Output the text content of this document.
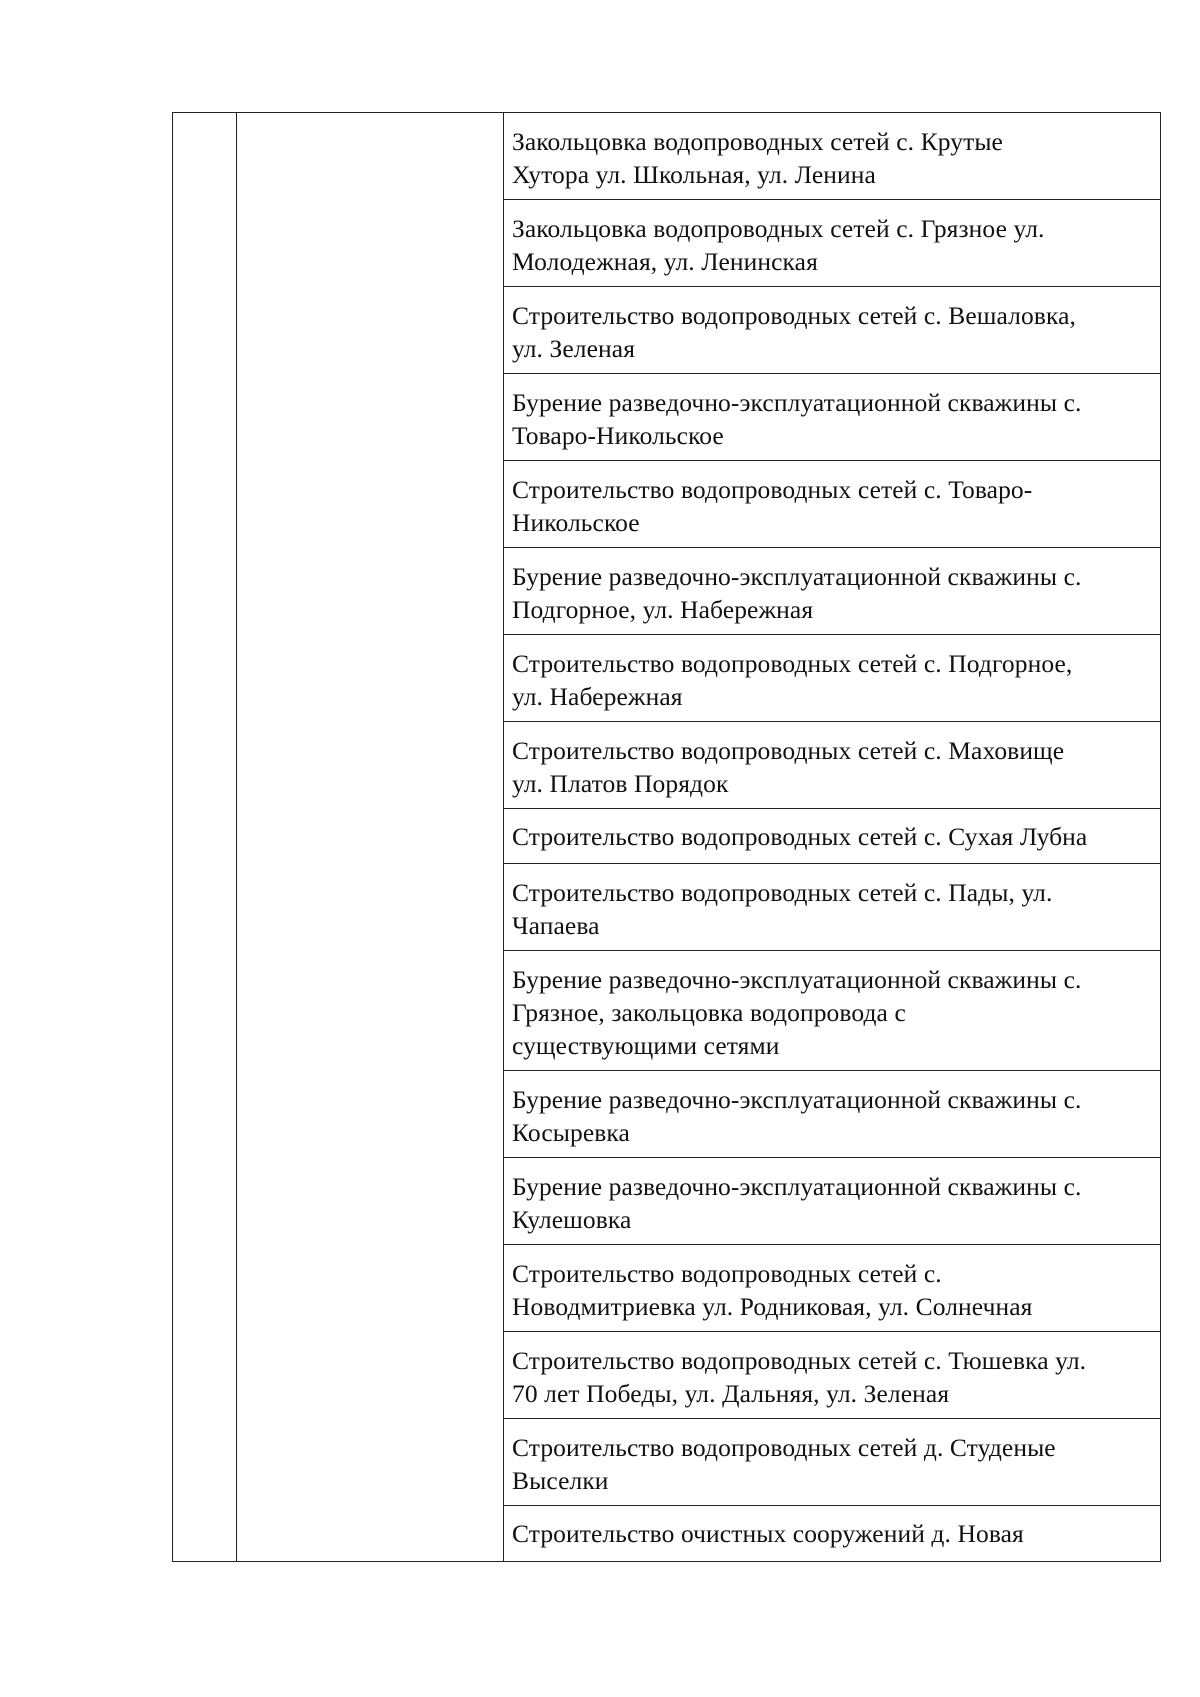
Закольцовка водопроводных сетей с. Крутые
Хутора ул. Школьная, ул. Ленина

Закольцовка водопроводных сетей с. Грязное ул.
Молодежная, ул. Ленинская

Строительство водопроводных сетей с. Вешаловка,
ул. Зеленая

Бурение разведочно-эксплуатационной скважины с.
Товаро-Никольское

Строительство водопроводных сетей с. Товаро-
Никольское

Бурение разведочно-эксплуатационной скважины с.
Подгорное, ул. Набережная

Строительство водопроводных сетей с. Подгорное,
ул. Набережная

Строительство водопроводных сетей с. Маховище
ул. Платов Порядок

Строительство водопроводных сетей с. Сухая Лубна

Строительство водопроводных сетей с. Пады, ул.
Чапаева

Бурение разведочно-эксплуатационной скважины с.
Грязное, закольцовка водопровода с
существующими сетями

Бурение разведочно-эксплуатационной скважины с.
Косыревка

Бурение разведочно-эксплуатационной скважины с.
Кулешовка

Строительство водопроводных сетей с.
Новодмитриевка ул. Родниковая, ул. Солнечная

Строительство водопроводных сетей с. Тюшевка ул.
70 лет Победы, ул. Дальняя, ул. Зеленая

Строительство водопроводных сетей д. Студеные
Выселки

Строительство очистных сооружений д. Новая
